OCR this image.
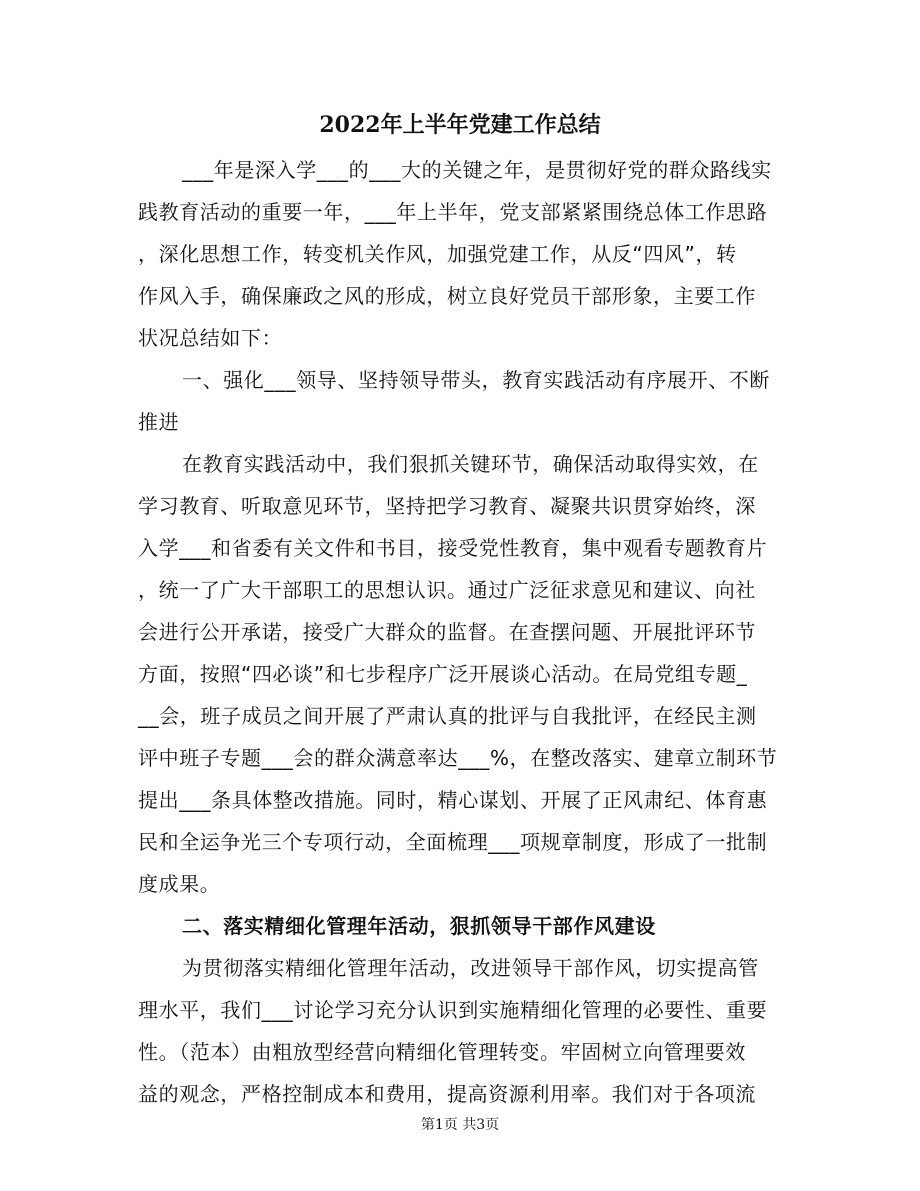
2022年上半年党建工作总结
___年是深入学___的___大的关键之年，是贯彻好党的群众路线实
践教育活动的重要一年，___年上半年，党支部紧紧围绕总体工作思路
，深化思想工作，转变机关作风，加强党建工作，从反“四风”，转
作风入手，确保廉政之风的形成，树立良好党员干部形象，主要工作
状况总结如下：
一、强化___领导、坚持领导带头，教育实践活动有序展开、不断
推进
在教育实践活动中，我们狠抓关键环节，确保活动取得实效，在
学习教育、听取意见环节，坚持把学习教育、凝聚共识贯穿始终，深
入学___和省委有关文件和书目，接受党性教育，集中观看专题教育片
，统一了广大干部职工的思想认识。通过广泛征求意见和建议、向社
会进行公开承诺，接受广大群众的监督。在查摆问题、开展批评环节
方面，按照“四必谈”和七步程序广泛开展谈心活动。在局党组专题_
__会，班子成员之间开展了严肃认真的批评与自我批评，在经民主测
评中班子专题___会的群众满意率达___%，在整改落实、建章立制环节
提出___条具体整改措施。同时，精心谋划、开展了正风肃纪、体育惠
民和全运争光三个专项行动，全面梳理___项规章制度，形成了一批制
度成果。
二、落实精细化管理年活动，狠抓领导干部作风建设
为贯彻落实精细化管理年活动，改进领导干部作风，切实提高管
理水平，我们___讨论学习充分认识到实施精细化管理的必要性、重要
性。（范本）由粗放型经营向精细化管理转变。牢固树立向管理要效
益的观念，严格控制成本和费用，提高资源利用率。我们对于各项流
第1页 共3页
